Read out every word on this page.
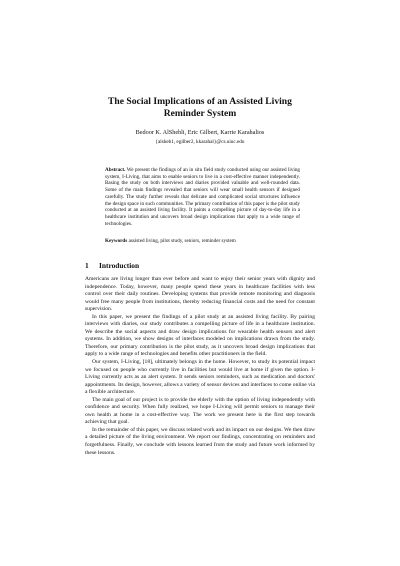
The Social Implications of an Assisted Living
Reminder System
Bedoor K. AlShebli, Eric Gilbert, Karrie Karahalios
{alsheb1, egilber2, kkarahal}@cs.uiuc.edu
Abstract. We present the findings of an in situ field study conducted using our assisted living system, I-Living, that aims to enable seniors to live in a cost-effective manner independently. Basing the study on both interviews and diaries provided valuable and well-rounded data. Some of the main findings revealed that seniors will wear small health sensors if designed carefully. The study further reveals that delicate and complicated social structures influence the design space in such communities. The primary contribution of this paper is the pilot study conducted at an assisted living facility. It paints a compelling picture of day-to-day life in a healthcare institution and uncovers broad design implications that apply to a wide range of technologies.
Keywords assisted living, pilot study, seniors, reminder system
1 Introduction

Americans are living longer than ever before and want to enjoy their senior years with dignity and independence. Today, however, many people spend these years in healthcare facilities with less control over their daily routines. Developing systems that provide remote monitoring and diagnosis would free many people from institutions, thereby reducing financial costs and the need for constant supervision.

In this paper, we present the findings of a pilot study at an assisted living facility. By pairing interviews with diaries, our study contributes a compelling picture of life in a healthcare institution. We describe the social aspects and draw design implications for wearable health sensors and alert systems. In addition, we show designs of interfaces modeled on implications drawn from the study. Therefore, our primary contribution is the pilot study, as it uncovers broad design implications that apply to a wide range of technologies and benefits other practitioners in the field.

Our system, I-Living, [18], ultimately belongs in the home. However, to study its potential impact we focused on people who currently live in facilities but would live at home if given the option. I-Living currently acts as an alert system. It sends seniors reminders, such as medication and doctors' appointments. Its design, however, allows a variety of sensor devices and interfaces to come online via a flexible architecture.

The main goal of our project is to provide the elderly with the option of living independently with confidence and security. When fully realized, we hope I-Living will permit seniors to manage their own health at home in a cost-effective way. The work we present here is the first step towards achieving that goal.

In the remainder of this paper, we discuss related work and its impact on our designs. We then draw a detailed picture of the living environment. We report our findings, concentrating on reminders and forgetfulness. Finally, we conclude with lessons learned from the study and future work informed by these lessons.
